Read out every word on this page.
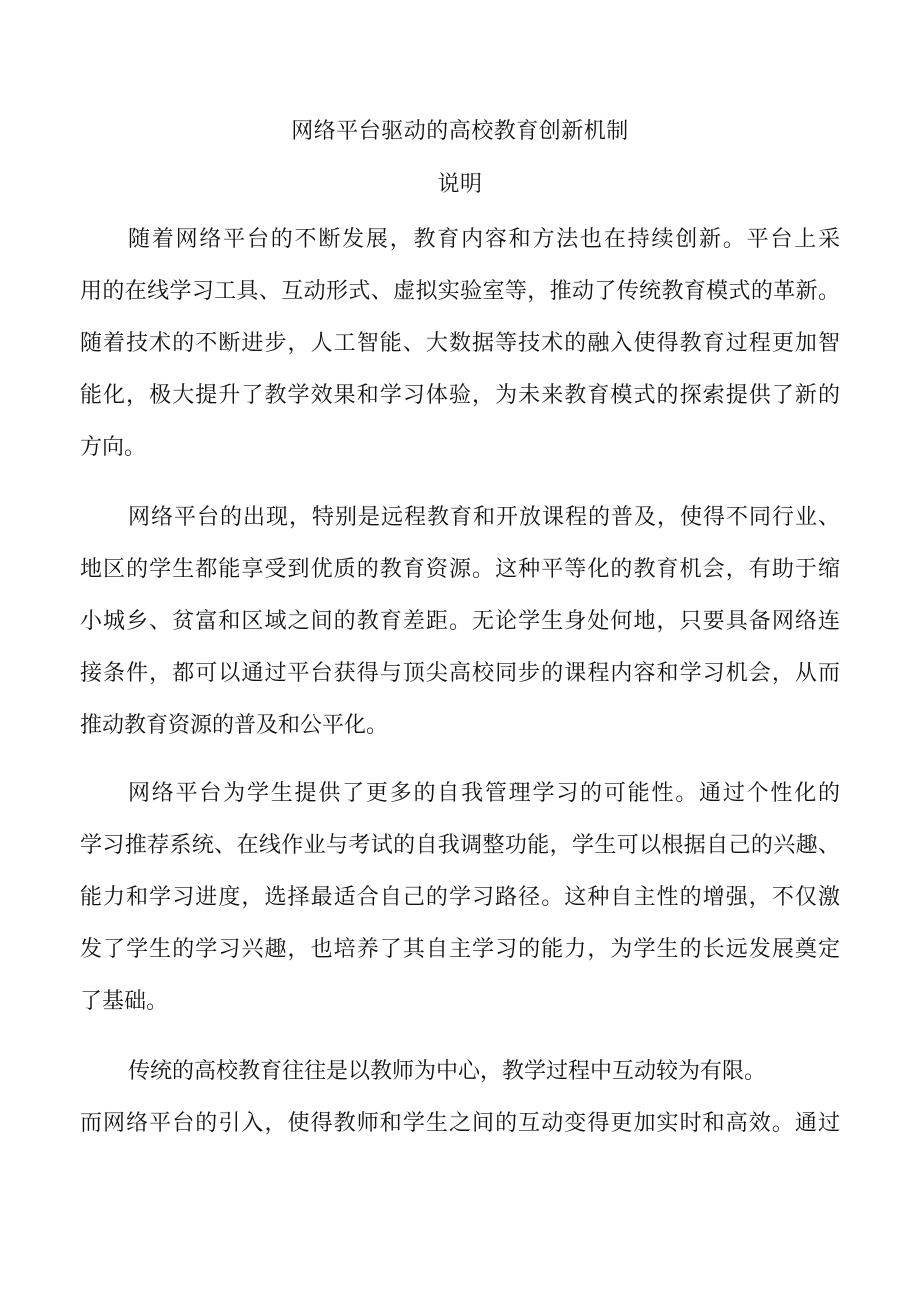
网络平台驱动的高校教育创新机制
说明
随着网络平台的不断发展，教育内容和方法也在持续创新。平台上采
用的在线学习工具、互动形式、虚拟实验室等，推动了传统教育模式的革新。
随着技术的不断进步，人工智能、大数据等技术的融入使得教育过程更加智
能化，极大提升了教学效果和学习体验，为未来教育模式的探索提供了新的
方向。
网络平台的出现，特别是远程教育和开放课程的普及，使得不同行业、
地区的学生都能享受到优质的教育资源。这种平等化的教育机会，有助于缩
小城乡、贫富和区域之间的教育差距。无论学生身处何地，只要具备网络连
接条件，都可以通过平台获得与顶尖高校同步的课程内容和学习机会，从而
推动教育资源的普及和公平化。
网络平台为学生提供了更多的自我管理学习的可能性。通过个性化的
学习推荐系统、在线作业与考试的自我调整功能，学生可以根据自己的兴趣、
能力和学习进度，选择最适合自己的学习路径。这种自主性的增强，不仅激
发了学生的学习兴趣，也培养了其自主学习的能力，为学生的长远发展奠定
了基础。
传统的高校教育往往是以教师为中心，教学过程中互动较为有限。
而网络平台的引入，使得教师和学生之间的互动变得更加实时和高效。通过
